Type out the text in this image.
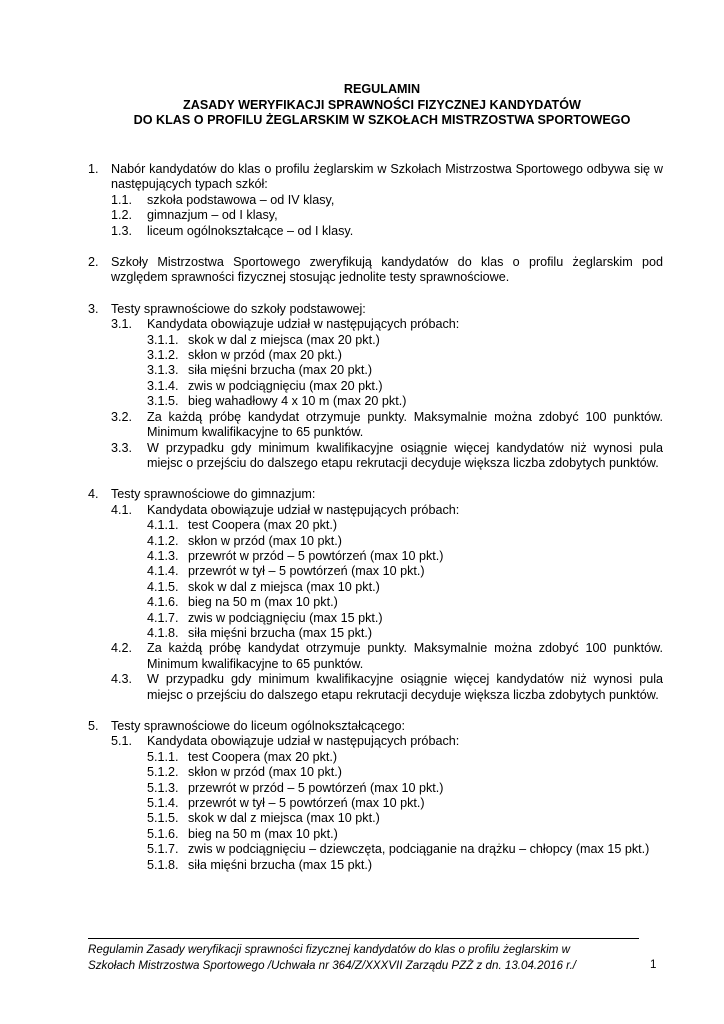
REGULAMIN
ZASADY WERYFIKACJI SPRAWNOŚCI FIZYCZNEJ KANDYDATÓW
DO KLAS O PROFILU ŻEGLARSKIM W SZKOŁACH MISTRZOSTWA SPORTOWEGO
1. Nabór kandydatów do klas o profilu żeglarskim w Szkołach Mistrzostwa Sportowego odbywa się w następujących typach szkół:
1.1. szkoła podstawowa – od IV klasy,
1.2. gimnazjum – od I klasy,
1.3. liceum ogólnokształcące – od I klasy.
2. Szkoły Mistrzostwa Sportowego zweryfikują kandydatów do klas o profilu żeglarskim pod względem sprawności fizycznej stosując jednolite testy sprawnościowe.
3. Testy sprawnościowe do szkoły podstawowej:
3.1. Kandydata obowiązuje udział w następujących próbach:
3.1.1. skok w dal z miejsca (max 20 pkt.)
3.1.2. skłon w przód (max 20 pkt.)
3.1.3. siła mięśni brzucha (max 20 pkt.)
3.1.4. zwis w podciągnięciu (max 20 pkt.)
3.1.5. bieg wahadłowy 4 x 10 m (max 20 pkt.)
3.2. Za każdą próbę kandydat otrzymuje punkty. Maksymalnie można zdobyć 100 punktów. Minimum kwalifikacyjne to 65 punktów.
3.3. W przypadku gdy minimum kwalifikacyjne osiągnie więcej kandydatów niż wynosi pula miejsc o przejściu do dalszego etapu rekrutacji decyduje większa liczba zdobytych punktów.
4. Testy sprawnościowe do gimnazjum:
4.1. Kandydata obowiązuje udział w następujących próbach:
4.1.1. test Coopera (max 20 pkt.)
4.1.2. skłon w przód (max 10 pkt.)
4.1.3. przewrót w przód – 5 powtórzeń (max 10 pkt.)
4.1.4. przewrót w tył – 5 powtórzeń (max 10 pkt.)
4.1.5. skok w dal z miejsca (max 10 pkt.)
4.1.6. bieg na 50 m (max 10 pkt.)
4.1.7. zwis w podciągnięciu (max 15 pkt.)
4.1.8. siła mięśni brzucha (max 15 pkt.)
4.2. Za każdą próbę kandydat otrzymuje punkty. Maksymalnie można zdobyć 100 punktów. Minimum kwalifikacyjne to 65 punktów.
4.3. W przypadku gdy minimum kwalifikacyjne osiągnie więcej kandydatów niż wynosi pula miejsc o przejściu do dalszego etapu rekrutacji decyduje większa liczba zdobytych punktów.
5. Testy sprawnościowe do liceum ogólnokształcącego:
5.1. Kandydata obowiązuje udział w następujących próbach:
5.1.1. test Coopera (max 20 pkt.)
5.1.2. skłon w przód (max 10 pkt.)
5.1.3. przewrót w przód – 5 powtórzeń (max 10 pkt.)
5.1.4. przewrót w tył – 5 powtórzeń (max 10 pkt.)
5.1.5. skok w dal z miejsca (max 10 pkt.)
5.1.6. bieg na 50 m (max 10 pkt.)
5.1.7. zwis w podciągnięciu – dziewczęta, podciąganie na drążku – chłopcy (max 15 pkt.)
5.1.8. siła mięśni brzucha (max 15 pkt.)
Regulamin Zasady weryfikacji sprawności fizycznej kandydatów do klas o profilu żeglarskim w
Szkołach Mistrzostwa Sportowego /Uchwała nr 364/Z/XXXVII Zarządu PZŻ z dn. 13.04.2016 r./	1
